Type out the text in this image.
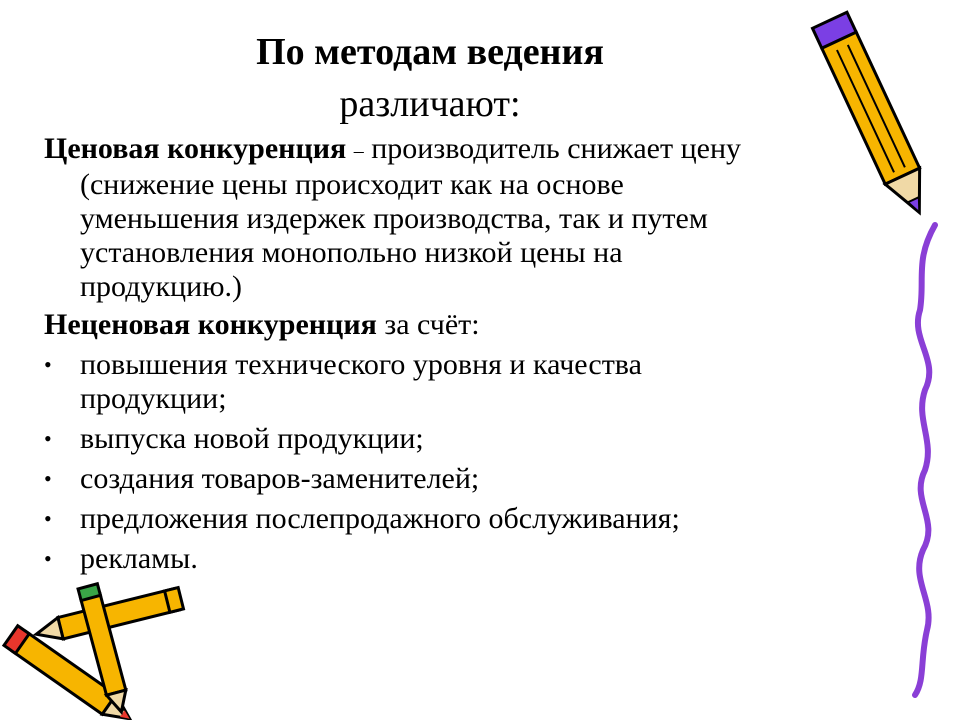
По методам ведения
различают:

Ценовая конкуренция – производитель снижает цену
(снижение цены происходит как на основе
уменьшения издержек производства, так и путем
установления монопольно низкой цены на
продукцию.)

Неценовая конкуренция за счёт:

• повышения технического уровня и качества
продукции;
• выпуска новой продукции;
• создания товаров-заменителей;
• предложения послепродажного обслуживания;
• рекламы.
